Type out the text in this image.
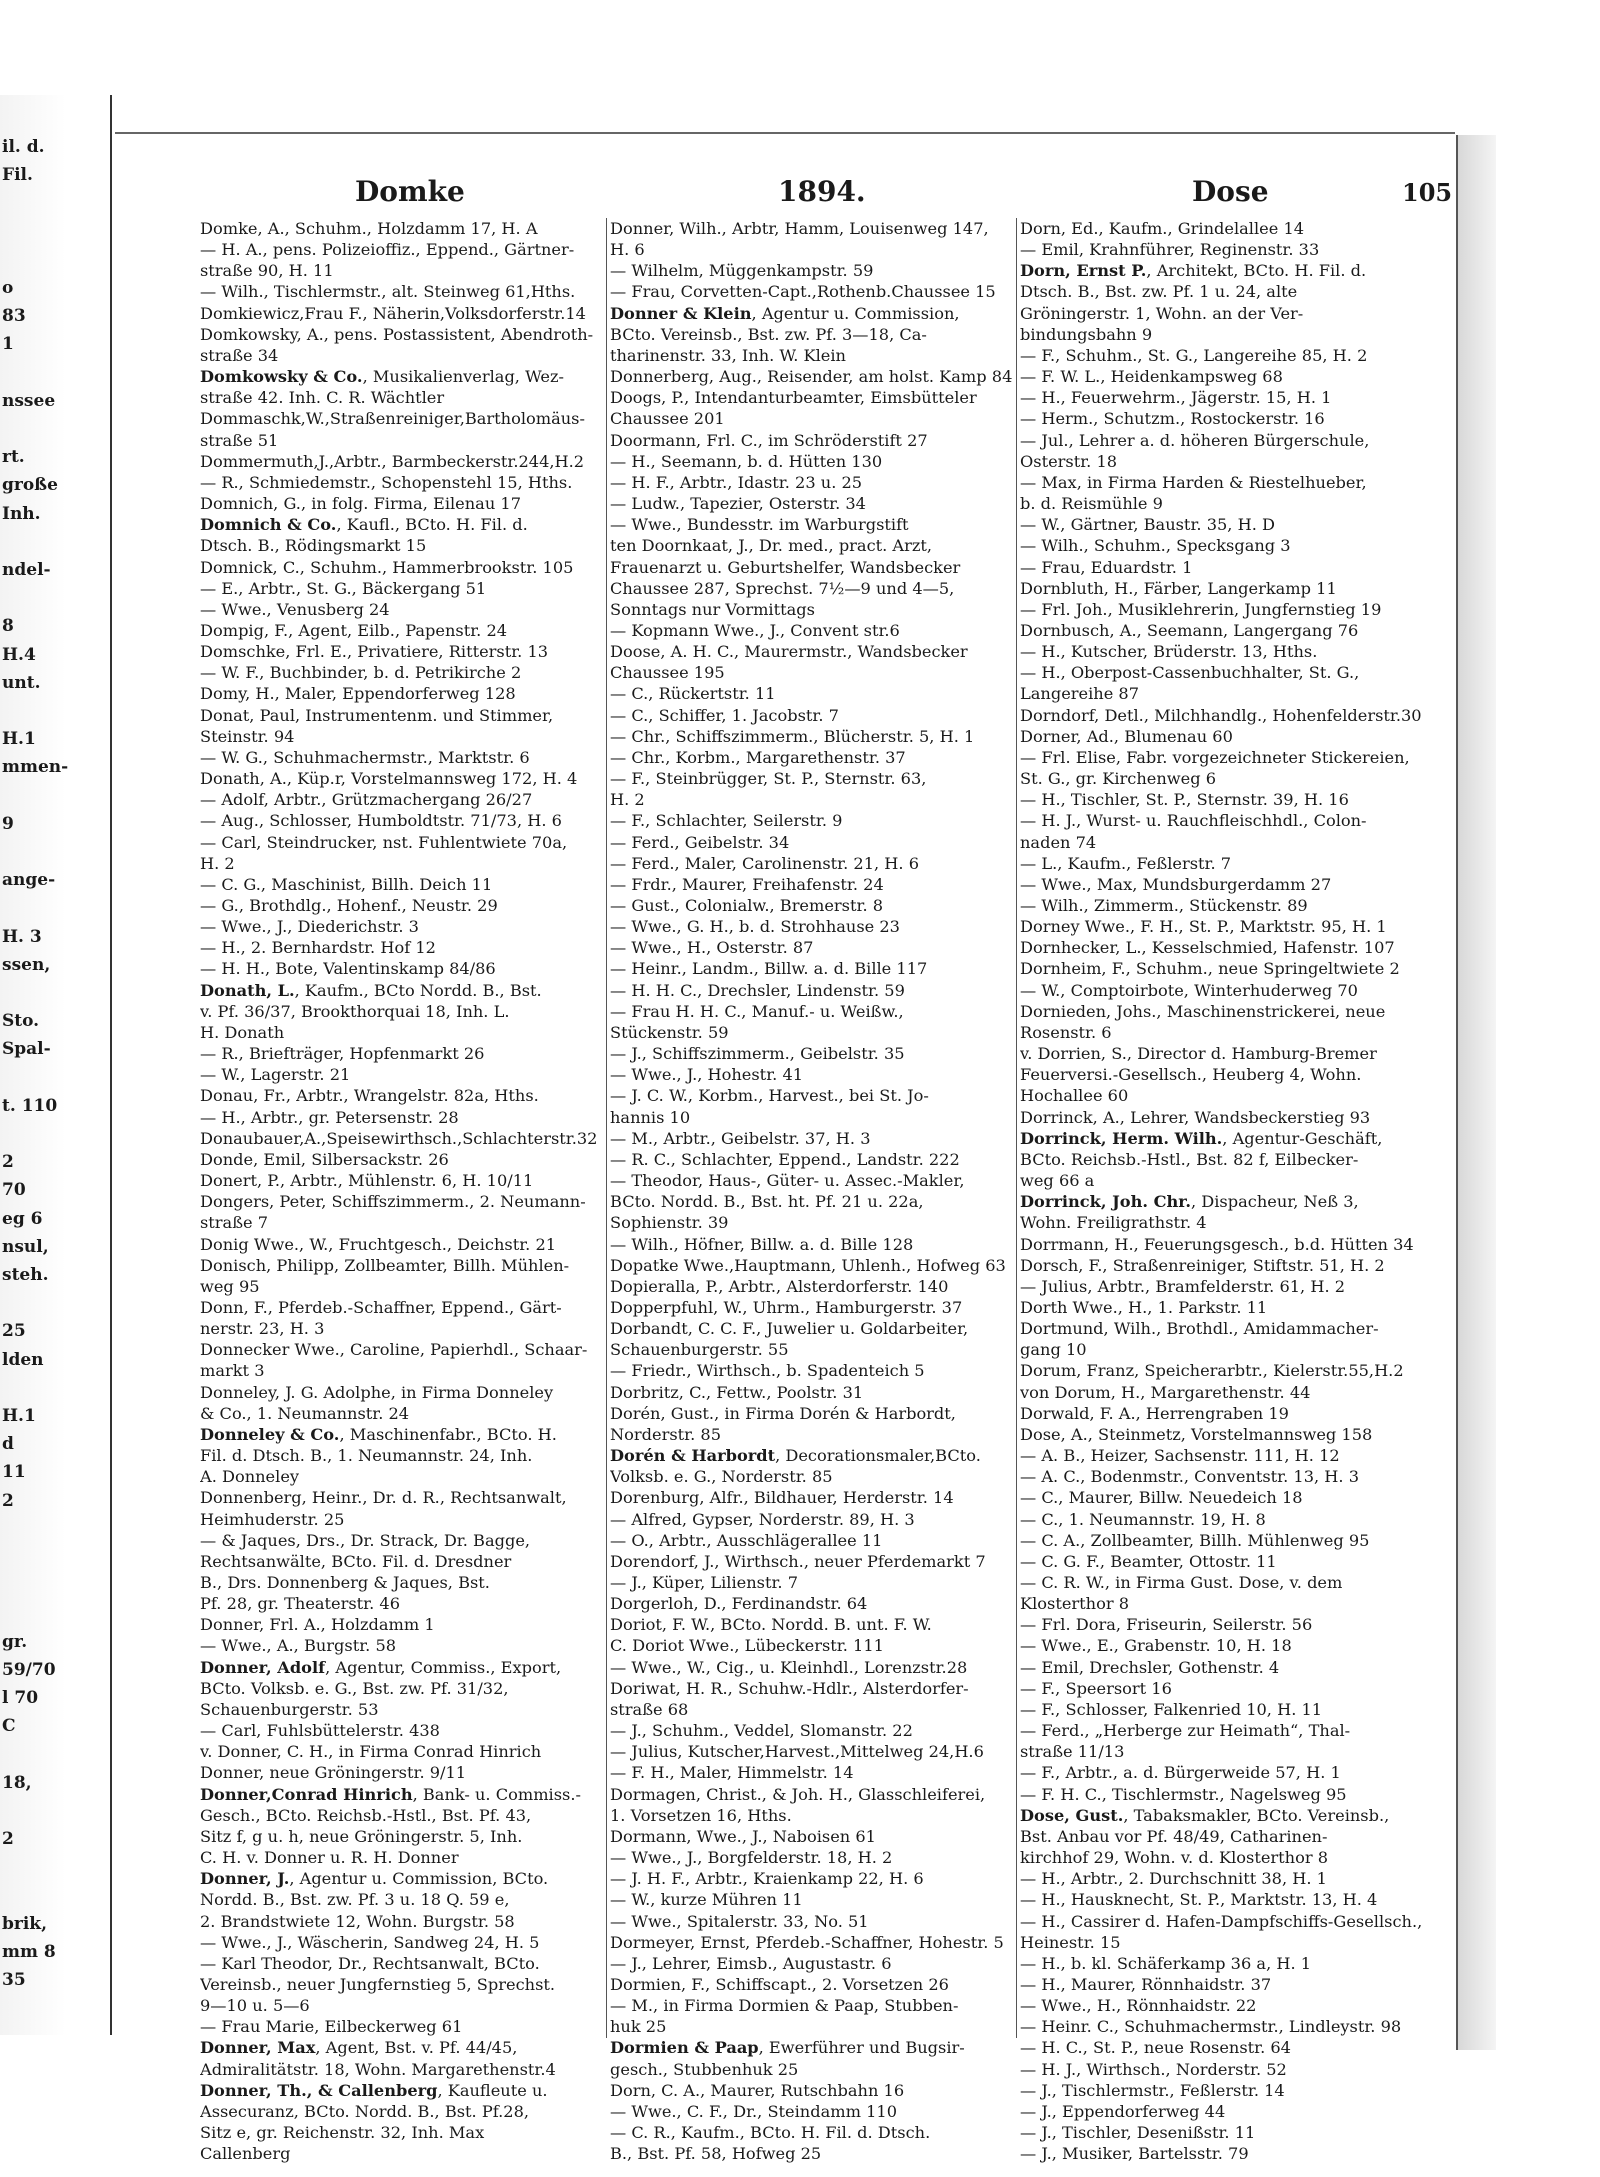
il. d.
Fil.
o
83
1
nssee
rt.
große
Inh.
ndel-
8
H.4
unt.
H.1
mmen-
9
ange-
H. 3
ssen,
Sto.
Spal-
t. 110
2
70
eg 6
nsul,
steh.
25
lden
H.1
d
11
2
gr.
59/70
l 70
C
18,
2
brik,
mm 8
35
Domke	1894.	Dose	105
Domke, A., Schuhm., Holzdamm 17, H. A
— H. A., pens. Polizeioffiz., Eppend., Gärtner-
straße 90, H. 11
— Wilh., Tischlermstr., alt. Steinweg 61,Hths.
Domkiewicz,Frau F., Näherin,Volksdorferstr.14
Domkowsky, A., pens. Postassistent, Abendroth-
straße 34
Domkowsky & Co., Musikalienverlag, Wez-
straße 42. Inh. C. R. Wächtler
Dommaschk,W.,Straßenreiniger,Bartholomäus-
straße 51
Dommermuth,J.,Arbtr., Barmbeckerstr.244,H.2
— R., Schmiedemstr., Schopenstehl 15, Hths.
Domnich, G., in folg. Firma, Eilenau 17
Domnich & Co., Kaufl., BCto. H. Fil. d.
Dtsch. B., Rödingsmarkt 15
Domnick, C., Schuhm., Hammerbrookstr. 105
— E., Arbtr., St. G., Bäckergang 51
— Wwe., Venusberg 24
Dompig, F., Agent, Eilb., Papenstr. 24
Domschke, Frl. E., Privatiere, Ritterstr. 13
— W. F., Buchbinder, b. d. Petrikirche 2
Domy, H., Maler, Eppendorferweg 128
Donat, Paul, Instrumentenm. und Stimmer,
Steinstr. 94
— W. G., Schuhmachermstr., Marktstr. 6
Donath, A., Küp.r, Vorstelmannsweg 172, H. 4
— Adolf, Arbtr., Grützmachergang 26/27
— Aug., Schlosser, Humboldtstr. 71/73, H. 6
— Carl, Steindrucker, nst. Fuhlentwiete 70a,
H. 2
— C. G., Maschinist, Billh. Deich 11
— G., Brothdlg., Hohenf., Neustr. 29
— Wwe., J., Diederichstr. 3
— H., 2. Bernhardstr. Hof 12
— H. H., Bote, Valentinskamp 84/86
Donath, L., Kaufm., BCto Nordd. B., Bst.
v. Pf. 36/37, Brookthorquai 18, Inh. L.
H. Donath
— R., Briefträger, Hopfenmarkt 26
— W., Lagerstr. 21
Donau, Fr., Arbtr., Wrangelstr. 82a, Hths.
— H., Arbtr., gr. Petersenstr. 28
Donaubauer,A.,Speisewirthsch.,Schlachterstr.32
Donde, Emil, Silbersackstr. 26
Donert, P., Arbtr., Mühlenstr. 6, H. 10/11
Dongers, Peter, Schiffszimmerm., 2. Neumann-
straße 7
Donig Wwe., W., Fruchtgesch., Deichstr. 21
Donisch, Philipp, Zollbeamter, Billh. Mühlen-
weg 95
Donn, F., Pferdeb.-Schaffner, Eppend., Gärt-
nerstr. 23, H. 3
Donnecker Wwe., Caroline, Papierhdl., Schaar-
markt 3
Donneley, J. G. Adolphe, in Firma Donneley
& Co., 1. Neumannstr. 24
Donneley & Co., Maschinenfabr., BCto. H.
Fil. d. Dtsch. B., 1. Neumannstr. 24, Inh.
A. Donneley
Donnenberg, Heinr., Dr. d. R., Rechtsanwalt,
Heimhuderstr. 25
— & Jaques, Drs., Dr. Strack, Dr. Bagge,
Rechtsanwälte, BCto. Fil. d. Dresdner
B., Drs. Donnenberg & Jaques, Bst.
Pf. 28, gr. Theaterstr. 46
Donner, Frl. A., Holzdamm 1
— Wwe., A., Burgstr. 58
Donner, Adolf, Agentur, Commiss., Export,
BCto. Volksb. e. G., Bst. zw. Pf. 31/32,
Schauenburgerstr. 53
— Carl, Fuhlsbüttelerstr. 438
v. Donner, C. H., in Firma Conrad Hinrich
Donner, neue Gröningerstr. 9/11
Donner,Conrad Hinrich, Bank- u. Commiss.-
Gesch., BCto. Reichsb.-Hstl., Bst. Pf. 43,
Sitz f, g u. h, neue Gröningerstr. 5, Inh.
C. H. v. Donner u. R. H. Donner
Donner, J., Agentur u. Commission, BCto.
Nordd. B., Bst. zw. Pf. 3 u. 18 Q. 59 e,
2. Brandstwiete 12, Wohn. Burgstr. 58
— Wwe., J., Wäscherin, Sandweg 24, H. 5
— Karl Theodor, Dr., Rechtsanwalt, BCto.
Vereinsb., neuer Jungfernstieg 5, Sprechst.
9—10 u. 5—6
— Frau Marie, Eilbeckerweg 61
Donner, Max, Agent, Bst. v. Pf. 44/45,
Admiralitätstr. 18, Wohn. Margarethenstr.4
Donner, Th., & Callenberg, Kaufleute u.
Assecuranz, BCto. Nordd. B., Bst. Pf.28,
Sitz e, gr. Reichenstr. 32, Inh. Max
Callenberg
Donner, Wilh., Arbtr, Hamm, Louisenweg 147,
H. 6
— Wilhelm, Müggenkampstr. 59
— Frau, Corvetten-Capt.,Rothenb.Chaussee 15
Donner & Klein, Agentur u. Commission,
BCto. Vereinsb., Bst. zw. Pf. 3—18, Ca-
tharinenstr. 33, Inh. W. Klein
Donnerberg, Aug., Reisender, am holst. Kamp 84
Doogs, P., Intendanturbeamter, Eimsbütteler
Chaussee 201
Doormann, Frl. C., im Schröderstift 27
— H., Seemann, b. d. Hütten 130
— H. F., Arbtr., Idastr. 23 u. 25
— Ludw., Tapezier, Osterstr. 34
— Wwe., Bundesstr. im Warburgstift
ten Doornkaat, J., Dr. med., pract. Arzt,
Frauenarzt u. Geburtshelfer, Wandsbecker
Chaussee 287, Sprechst. 7½—9 und 4—5,
Sonntags nur Vormittags
— Kopmann Wwe., J., Convent str.6
Doose, A. H. C., Maurermstr., Wandsbecker
Chaussee 195
— C., Rückertstr. 11
— C., Schiffer, 1. Jacobstr. 7
— Chr., Schiffszimmerm., Blücherstr. 5, H. 1
— Chr., Korbm., Margarethenstr. 37
— F., Steinbrügger, St. P., Sternstr. 63,
H. 2
— F., Schlachter, Seilerstr. 9
— Ferd., Geibelstr. 34
— Ferd., Maler, Carolinenstr. 21, H. 6
— Frdr., Maurer, Freihafenstr. 24
— Gust., Colonialw., Bremerstr. 8
— Wwe., G. H., b. d. Strohhause 23
— Wwe., H., Osterstr. 87
— Heinr., Landm., Billw. a. d. Bille 117
— H. H. C., Drechsler, Lindenstr. 59
— Frau H. H. C., Manuf.- u. Weißw.,
Stückenstr. 59
— J., Schiffszimmerm., Geibelstr. 35
— Wwe., J., Hohestr. 41
— J. C. W., Korbm., Harvest., bei St. Jo-
hannis 10
— M., Arbtr., Geibelstr. 37, H. 3
— R. C., Schlachter, Eppend., Landstr. 222
— Theodor, Haus-, Güter- u. Assec.-Makler,
BCto. Nordd. B., Bst. ht. Pf. 21 u. 22a,
Sophienstr. 39
— Wilh., Höfner, Billw. a. d. Bille 128
Dopatke Wwe.,Hauptmann, Uhlenh., Hofweg 63
Dopieralla, P., Arbtr., Alsterdorferstr. 140
Dopperpfuhl, W., Uhrm., Hamburgerstr. 37
Dorbandt, C. C. F., Juwelier u. Goldarbeiter,
Schauenburgerstr. 55
— Friedr., Wirthsch., b. Spadenteich 5
Dorbritz, C., Fettw., Poolstr. 31
Dorén, Gust., in Firma Dorén & Harbordt,
Norderstr. 85
Dorén & Harbordt, Decorationsmaler,BCto.
Volksb. e. G., Norderstr. 85
Dorenburg, Alfr., Bildhauer, Herderstr. 14
— Alfred, Gypser, Norderstr. 89, H. 3
— O., Arbtr., Ausschlägerallee 11
Dorendorf, J., Wirthsch., neuer Pferdemarkt 7
— J., Küper, Lilienstr. 7
Dorgerloh, D., Ferdinandstr. 64
Doriot, F. W., BCto. Nordd. B. unt. F. W.
C. Doriot Wwe., Lübeckerstr. 111
— Wwe., W., Cig., u. Kleinhdl., Lorenzstr.28
Doriwat, H. R., Schuhw.-Hdlr., Alsterdorfer-
straße 68
— J., Schuhm., Veddel, Slomanstr. 22
— Julius, Kutscher,Harvest.,Mittelweg 24,H.6
— F. H., Maler, Himmelstr. 14
Dormagen, Christ., & Joh. H., Glasschleiferei,
1. Vorsetzen 16, Hths.
Dormann, Wwe., J., Naboisen 61
— Wwe., J., Borgfelderstr. 18, H. 2
— J. H. F., Arbtr., Kraienkamp 22, H. 6
— W., kurze Mühren 11
— Wwe., Spitalerstr. 33, No. 51
Dormeyer, Ernst, Pferdeb.-Schaffner, Hohestr. 5
— J., Lehrer, Eimsb., Augustastr. 6
Dormien, F., Schiffscapt., 2. Vorsetzen 26
— M., in Firma Dormien & Paap, Stubben-
huk 25
Dormien & Paap, Ewerführer und Bugsir-
gesch., Stubbenhuk 25
Dorn, C. A., Maurer, Rutschbahn 16
— Wwe., C. F., Dr., Steindamm 110
— C. R., Kaufm., BCto. H. Fil. d. Dtsch.
B., Bst. Pf. 58, Hofweg 25
Dorn, Ed., Kaufm., Grindelallee 14
— Emil, Krahnführer, Reginenstr. 33
Dorn, Ernst P., Architekt, BCto. H. Fil. d.
Dtsch. B., Bst. zw. Pf. 1 u. 24, alte
Gröningerstr. 1, Wohn. an der Ver-
bindungsbahn 9
— F., Schuhm., St. G., Langereihe 85, H. 2
— F. W. L., Heidenkampsweg 68
— H., Feuerwehrm., Jägerstr. 15, H. 1
— Herm., Schutzm., Rostockerstr. 16
— Jul., Lehrer a. d. höheren Bürgerschule,
Osterstr. 18
— Max, in Firma Harden & Riestelhueber,
b. d. Reismühle 9
— W., Gärtner, Baustr. 35, H. D
— Wilh., Schuhm., Specksgang 3
— Frau, Eduardstr. 1
Dornbluth, H., Färber, Langerkamp 11
— Frl. Joh., Musiklehrerin, Jungfernstieg 19
Dornbusch, A., Seemann, Langergang 76
— H., Kutscher, Brüderstr. 13, Hths.
— H., Oberpost-Cassenbuchhalter, St. G.,
Langereihe 87
Dorndorf, Detl., Milchhandlg., Hohenfelderstr.30
Dorner, Ad., Blumenau 60
— Frl. Elise, Fabr. vorgezeichneter Stickereien,
St. G., gr. Kirchenweg 6
— H., Tischler, St. P., Sternstr. 39, H. 16
— H. J., Wurst- u. Rauchfleischhdl., Colon-
naden 74
— L., Kaufm., Feßlerstr. 7
— Wwe., Max, Mundsburgerdamm 27
— Wilh., Zimmerm., Stückenstr. 89
Dorney Wwe., F. H., St. P., Marktstr. 95, H. 1
Dornhecker, L., Kesselschmied, Hafenstr. 107
Dornheim, F., Schuhm., neue Springeltwiete 2
— W., Comptoirbote, Winterhuderweg 70
Dornieden, Johs., Maschinenstrickerei, neue
Rosenstr. 6
v. Dorrien, S., Director d. Hamburg-Bremer
Feuerversi.-Gesellsch., Heuberg 4, Wohn.
Hochallee 60
Dorrinck, A., Lehrer, Wandsbeckerstieg 93
Dorrinck, Herm. Wilh., Agentur-Geschäft,
BCto. Reichsb.-Hstl., Bst. 82 f, Eilbecker-
weg 66 a
Dorrinck, Joh. Chr., Dispacheur, Neß 3,
Wohn. Freiligrathstr. 4
Dorrmann, H., Feuerungsgesch., b.d. Hütten 34
Dorsch, F., Straßenreiniger, Stiftstr. 51, H. 2
— Julius, Arbtr., Bramfelderstr. 61, H. 2
Dorth Wwe., H., 1. Parkstr. 11
Dortmund, Wilh., Brothdl., Amidammacher-
gang 10
Dorum, Franz, Speicherarbtr., Kielerstr.55,H.2
von Dorum, H., Margarethenstr. 44
Dorwald, F. A., Herrengraben 19
Dose, A., Steinmetz, Vorstelmannsweg 158
— A. B., Heizer, Sachsenstr. 111, H. 12
— A. C., Bodenmstr., Conventstr. 13, H. 3
— C., Maurer, Billw. Neuedeich 18
— C., 1. Neumannstr. 19, H. 8
— C. A., Zollbeamter, Billh. Mühlenweg 95
— C. G. F., Beamter, Ottostr. 11
— C. R. W., in Firma Gust. Dose, v. dem
Klosterthor 8
— Frl. Dora, Friseurin, Seilerstr. 56
— Wwe., E., Grabenstr. 10, H. 18
— Emil, Drechsler, Gothenstr. 4
— F., Speersort 16
— F., Schlosser, Falkenried 10, H. 11
— Ferd., „Herberge zur Heimath“, Thal-
straße 11/13
— F., Arbtr., a. d. Bürgerweide 57, H. 1
— F. H. C., Tischlermstr., Nagelsweg 95
Dose, Gust., Tabaksmakler, BCto. Vereinsb.,
Bst. Anbau vor Pf. 48/49, Catharinen-
kirchhof 29, Wohn. v. d. Klosterthor 8
— H., Arbtr., 2. Durchschnitt 38, H. 1
— H., Hausknecht, St. P., Marktstr. 13, H. 4
— H., Cassirer d. Hafen-Dampfschiffs-Gesellsch.,
Heinestr. 15
— H., b. kl. Schäferkamp 36 a, H. 1
— H., Maurer, Rönnhaidstr. 37
— Wwe., H., Rönnhaidstr. 22
— Heinr. C., Schuhmachermstr., Lindleystr. 98
— H. C., St. P., neue Rosenstr. 64
— H. J., Wirthsch., Norderstr. 52
— J., Tischlermstr., Feßlerstr. 14
— J., Eppendorferweg 44
— J., Tischler, Desenißstr. 11
— J., Musiker, Bartelsstr. 79
